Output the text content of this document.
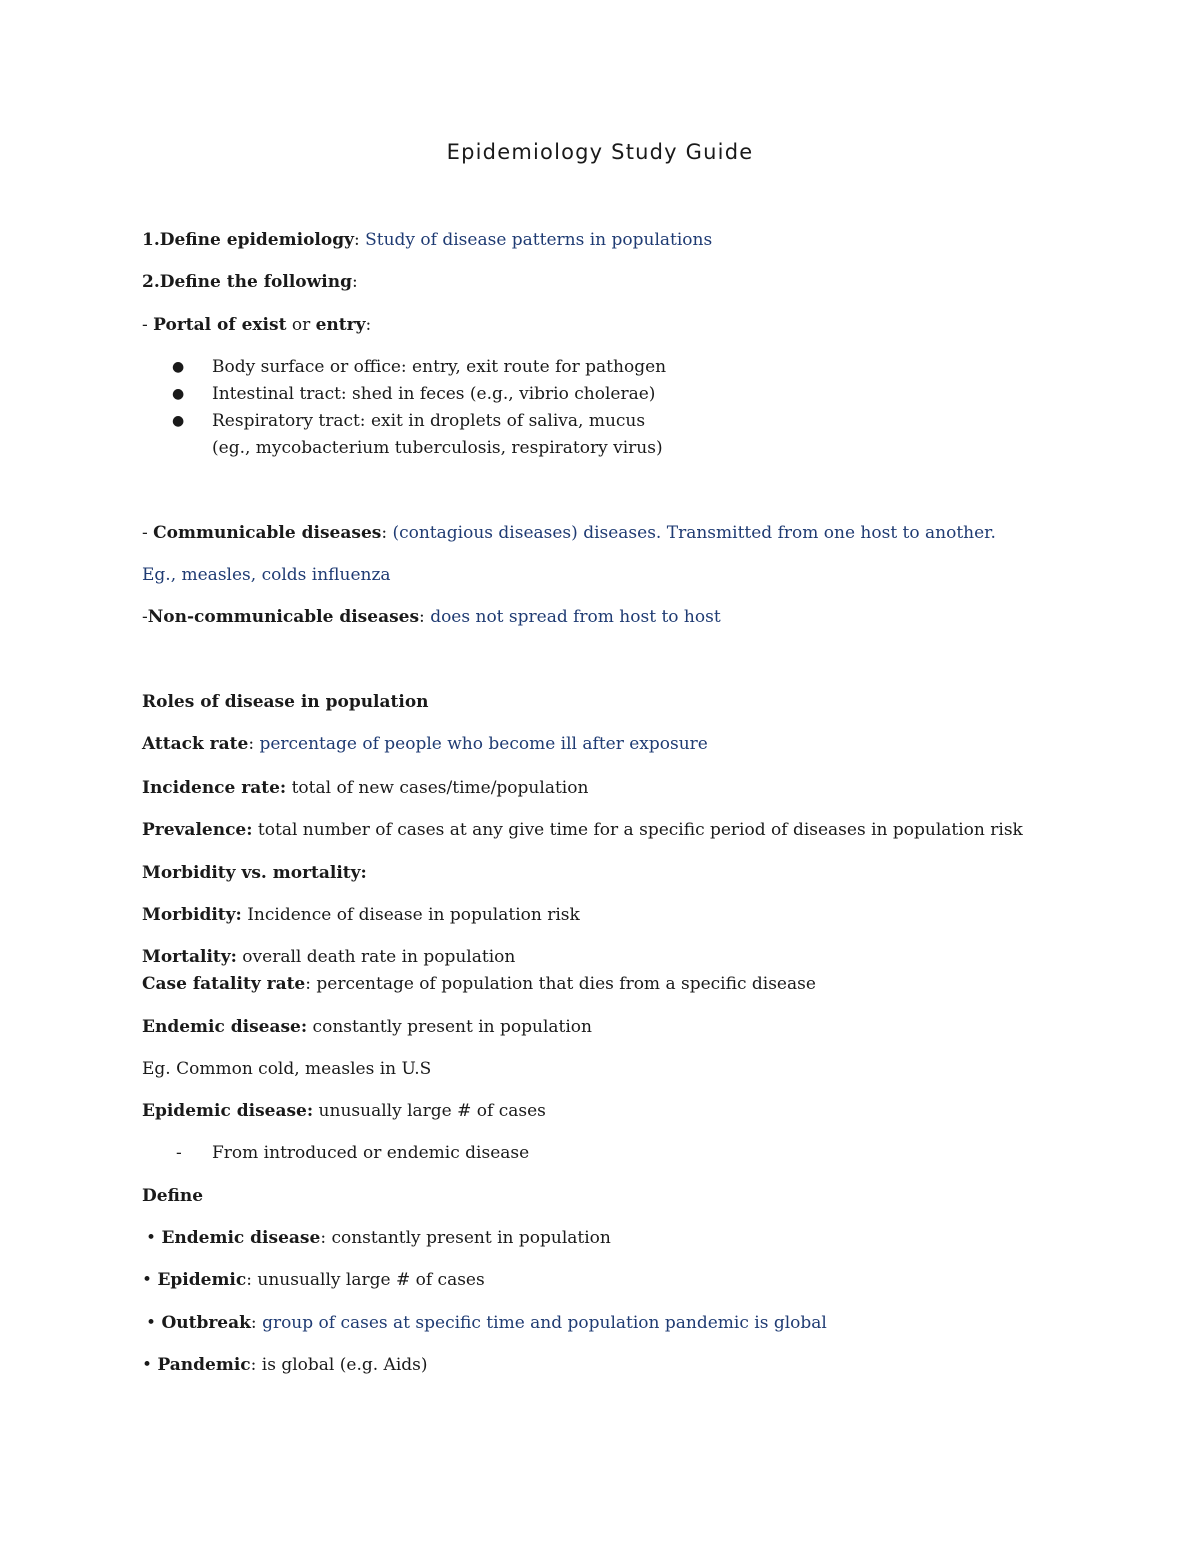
Epidemiology Study Guide
1.Define epidemiology: Study of disease patterns in populations
2.Define the following:
- Portal of exist or entry:
● Body surface or office: entry, exit route for pathogen
● Intestinal tract: shed in feces (e.g., vibrio cholerae)
● Respiratory tract: exit in droplets of saliva, mucus
(eg., mycobacterium tuberculosis, respiratory virus)
- Communicable diseases: (contagious diseases) diseases. Transmitted from one host to another.
Eg., measles, colds influenza
-Non-communicable diseases: does not spread from host to host
Roles of disease in population
Attack rate: percentage of people who become ill after exposure
Incidence rate: total of new cases/time/population
Prevalence: total number of cases at any give time for a specific period of diseases in population risk
Morbidity vs. mortality:
Morbidity: Incidence of disease in population risk
Mortality: overall death rate in population
Case fatality rate: percentage of population that dies from a specific disease
Endemic disease: constantly present in population
Eg. Common cold, measles in U.S
Epidemic disease: unusually large # of cases
- From introduced or endemic disease
Define
• Endemic disease: constantly present in population
• Epidemic: unusually large # of cases
• Outbreak: group of cases at specific time and population pandemic is global
• Pandemic: is global (e.g. Aids)
